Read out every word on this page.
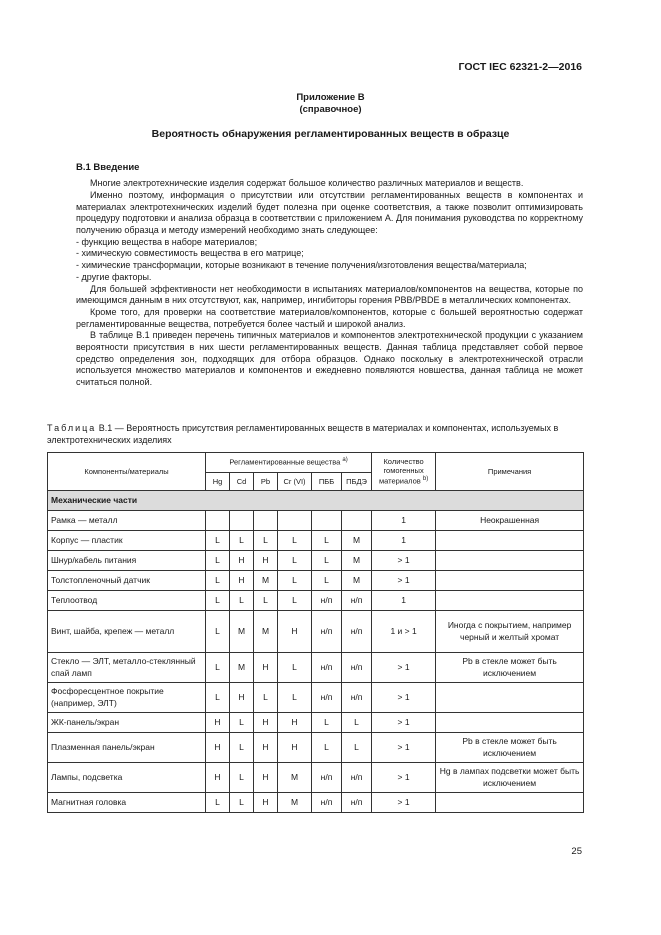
ГОСТ IEC 62321-2—2016
Приложение В
(справочное)
Вероятность обнаружения регламентированных веществ в образце
В.1 Введение

Многие электротехнические изделия содержат большое количество различных материалов и веществ.

Именно поэтому, информация о присутствии или отсутствии регламентированных веществ в компонентах и материалах электротехнических изделий будет полезна при оценке соответствия, а также позволит оптимизировать процедуру подготовки и анализа образца в соответствии с приложением А. Для понимания руководства по корректному получению образца и методу измерений необходимо знать следующее:

- функцию вещества в наборе материалов;
- химическую совместимость вещества в его матрице;
- химические трансформации, которые возникают в течение получения/изготовления вещества/материала;
- другие факторы.

Для большей эффективности нет необходимости в испытаниях материалов/компонентов на вещества, которые по имеющимся данным в них отсутствуют, как, например, ингибиторы горения PBB/PBDE в металлических компонентах.

Кроме того, для проверки на соответствие материалов/компонентов, которые с большей вероятностью содержат регламентированные вещества, потребуется более частый и широкой анализ.

В таблице В.1 приведен перечень типичных материалов и компонентов электротехнической продукции с указанием вероятности присутствия в них шести регламентированных веществ. Данная таблица представляет собой первое средство определения зон, подходящих для отбора образцов. Однако поскольку в электротехнической отрасли используется множество материалов и компонентов и ежедневно появляются новшества, данная таблица не может считаться полной.

Таблица В.1 — Вероятность присутствия регламентированных веществ в материалах и компонентах, используемых в электротехнических изделиях
Компоненты/материалы	Регламентированные вещества $^{a)}$						Количество гомогенных материалов $^{b)}$	Примечания
	Hg	Cd	Pb	Cr (VI)	ПББ	ПБДЭ		
Механические части								
Рамка — металл							1	Неокрашенная
Корпус — пластик	L	L	L	L	L	M	1	
Шнур/кабель питания	L	H	H	L	L	M	> 1	
Толстопленочный датчик	L	H	M	L	L	M	> 1	
Теплоотвод	L	L	L	L	н/п	н/п	1	
Винт, шайба, крепеж — металл	L	M	M	H	н/п	н/п	1 и > 1	Иногда с покрытием, например черный и желтый хромат
Стекло — ЭЛТ, металло-стеклянный спай ламп	L	M	H	L	н/п	н/п	> 1	Pb в стекле может быть исключением
Фосфоресцентное покрытие (например, ЭЛТ)	L	H	L	L	н/п	н/п	> 1	
ЖК-панель/экран	H	L	H	H	L	L	> 1	
Плазменная панель/экран	H	L	H	H	L	L	> 1	Pb в стекле может быть исключением
Лампы, подсветка	H	L	H	M	н/п	н/п	> 1	Hg в лампах подсветки может быть исключением
Магнитная головка	L	L	H	M	н/п	н/п	> 1	
25
